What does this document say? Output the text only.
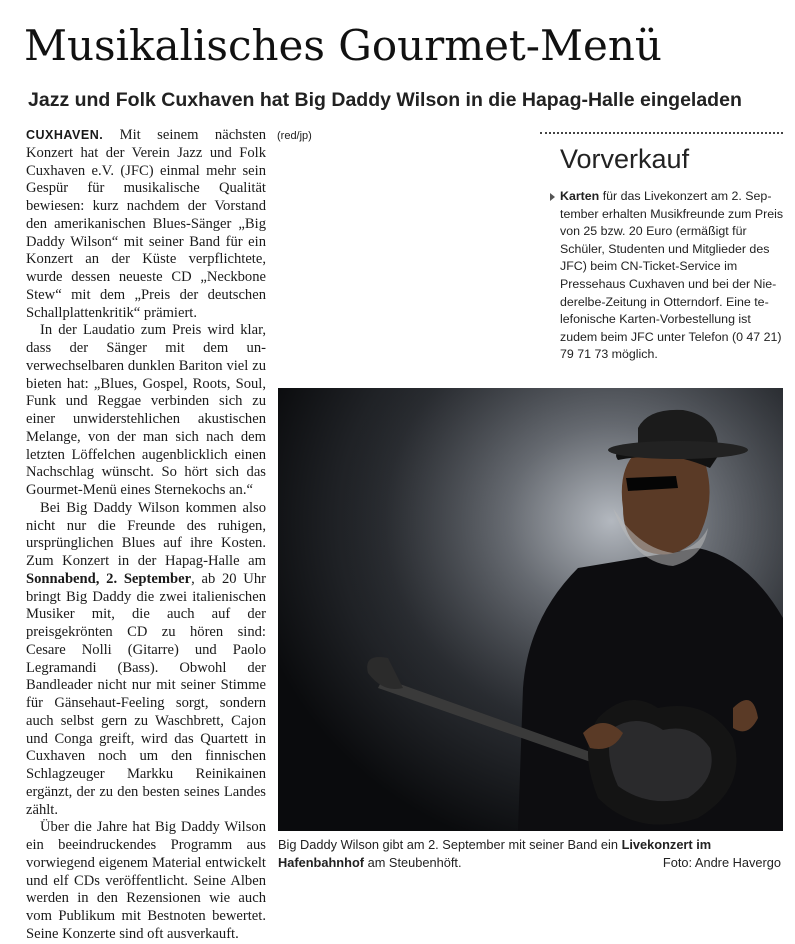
Musikalisches Gourmet-Menü
Jazz und Folk Cuxhaven hat Big Daddy Wilson in die Hapag-Halle eingeladen

CUXHAVEN. Mit seinem nächsten Konzert hat der Verein Jazz und Folk Cuxhaven e.V. (JFC) einmal mehr sein Gespür für musikalische Qualität bewiesen: kurz nachdem der Vorstand den amerikanischen Blues-Sänger „Big Daddy Wilson“ mit seiner Band für ein Konzert an der Küste verpflichtete, wurde dessen neueste CD „Neckbone Stew“ mit dem „Preis der deutschen Schallplattenkritik“ prämiert.

In der Laudatio zum Preis wird klar, dass der Sänger mit dem unverwechselbaren dunklen Bariton viel zu bieten hat: „Blues, Gospel, Roots, Soul, Funk und Reggae verbinden sich zu einer unwiderstehlichen akustischen Melange, von der man sich nach dem letzten Löffelchen augenblicklich einen Nachschlag wünscht. So hört sich das Gourmet-Menü eines Sternekochs an.“

Bei Big Daddy Wilson kommen also nicht nur die Freunde des ruhigen, ursprünglichen Blues auf ihre Kosten. Zum Konzert in der Hapag-Halle am Sonnabend, 2. September, ab 20 Uhr bringt Big Daddy die zwei italienischen Musiker mit, die auch auf der preisgekrönten CD zu hören sind: Cesare Nolli (Gitarre) und Paolo Legramandi (Bass). Obwohl der Bandleader nicht nur mit seiner Stimme für Gänsehaut-Feeling sorgt, sondern auch selbst gern zu Waschbrett, Cajon und Conga greift, wird das Quartett in Cuxhaven noch um den finnischen Schlagzeuger Markku Reinikainen ergänzt, der zu den besten seines Landes zählt.

Über die Jahre hat Big Daddy Wilson ein beeindruckendes Programm aus vorwiegend eigenem Material entwickelt und elf CDs veröffentlicht. Seine Alben werden in den Rezensionen wie auch vom Publikum mit Bestnoten bewertet. Seine Konzerte sind oft ausverkauft.

(red/jp)

Vorverkauf
Karten für das Livekonzert am 2. September erhalten Musikfreunde zum Preis von 25 bzw. 20 Euro (ermäßigt für Schüler, Studenten und Mitglieder des JFC) beim CN-Ticket-Service im Pressehaus Cuxhaven und bei der Niederelbe-Zeitung in Otterndorf. Eine telefonische Karten-Vorbestellung ist zudem beim JFC unter Telefon (0 47 21) 79 71 73 möglich.
Big Daddy Wilson gibt am 2. September mit seiner Band ein Livekonzert im Hafenbahnhof am Steubenhöft.	Foto: Andre Havergo
